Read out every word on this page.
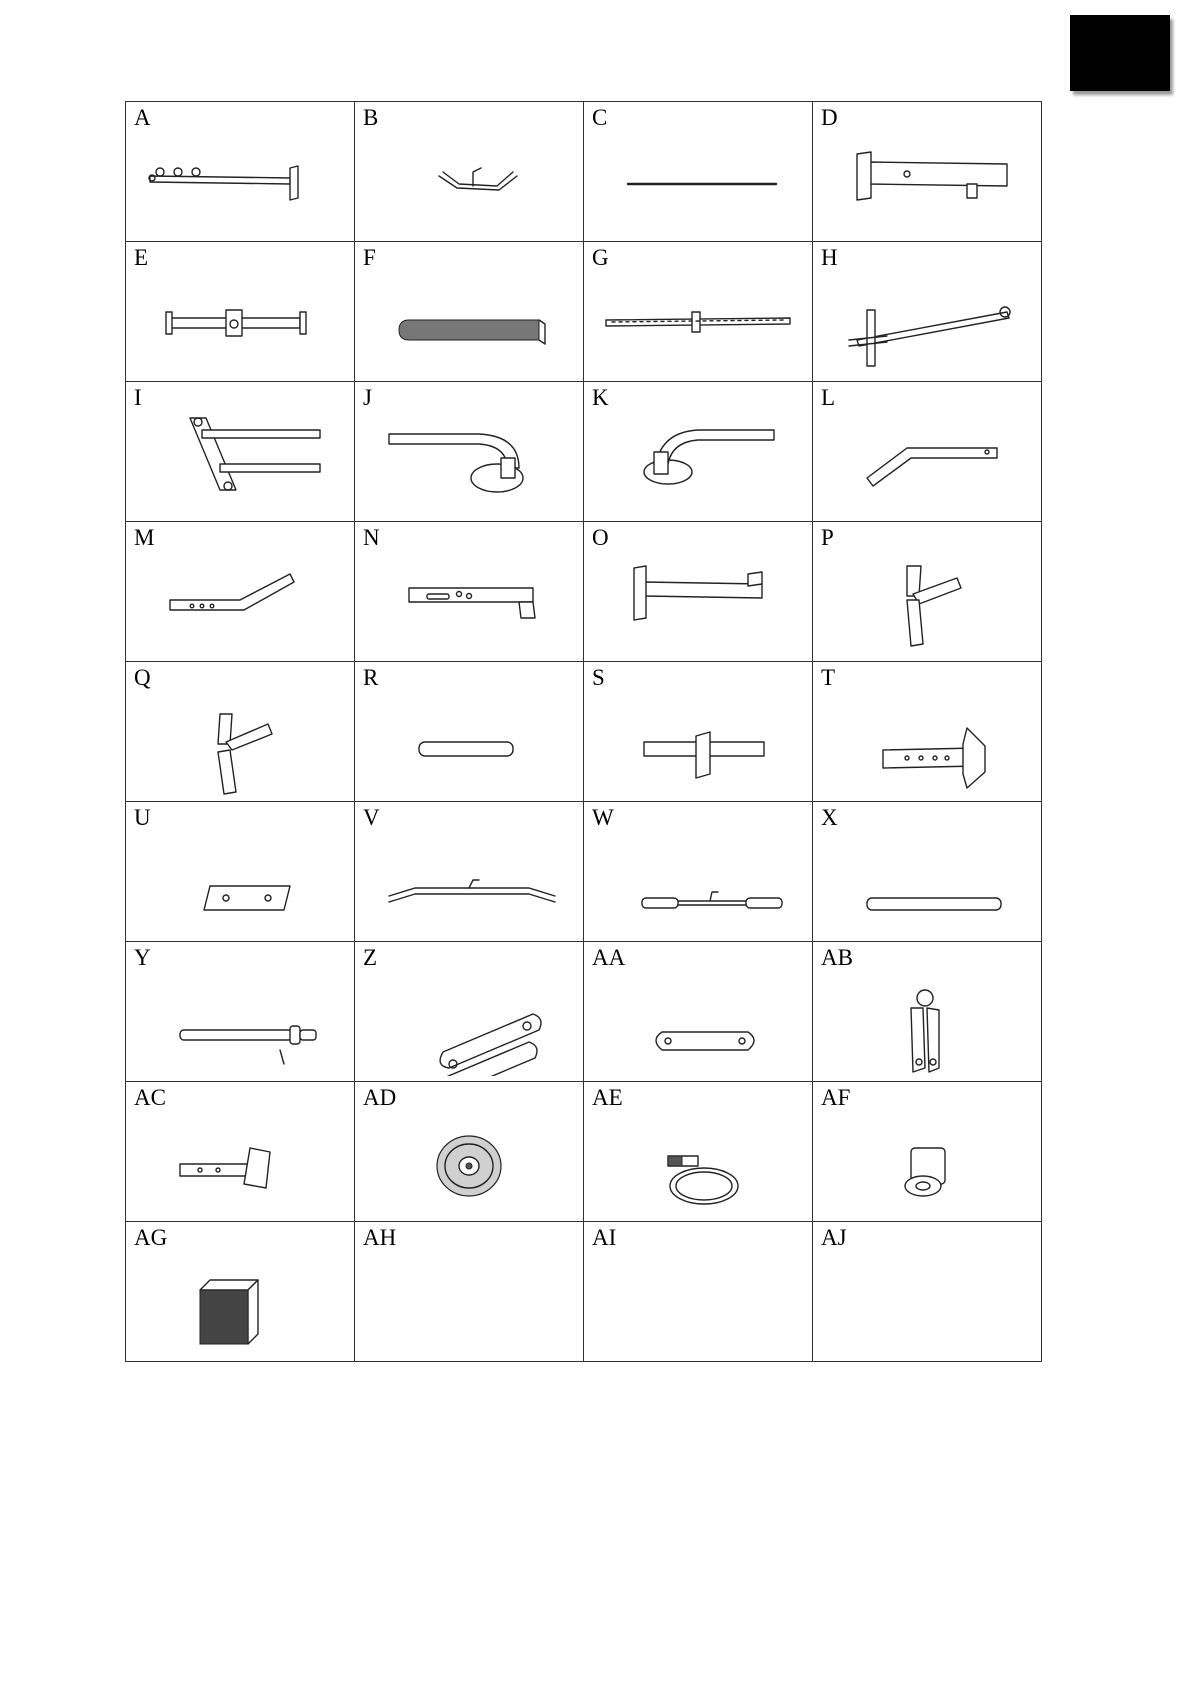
A	B	C	D

E	F	G	H

I	J	K	L

M	N	O	P

Q	R	S	T

U	V	W	X

Y	Z	AA	AB

AC	AD	AE	AF

AG	AH	AI	AJ
